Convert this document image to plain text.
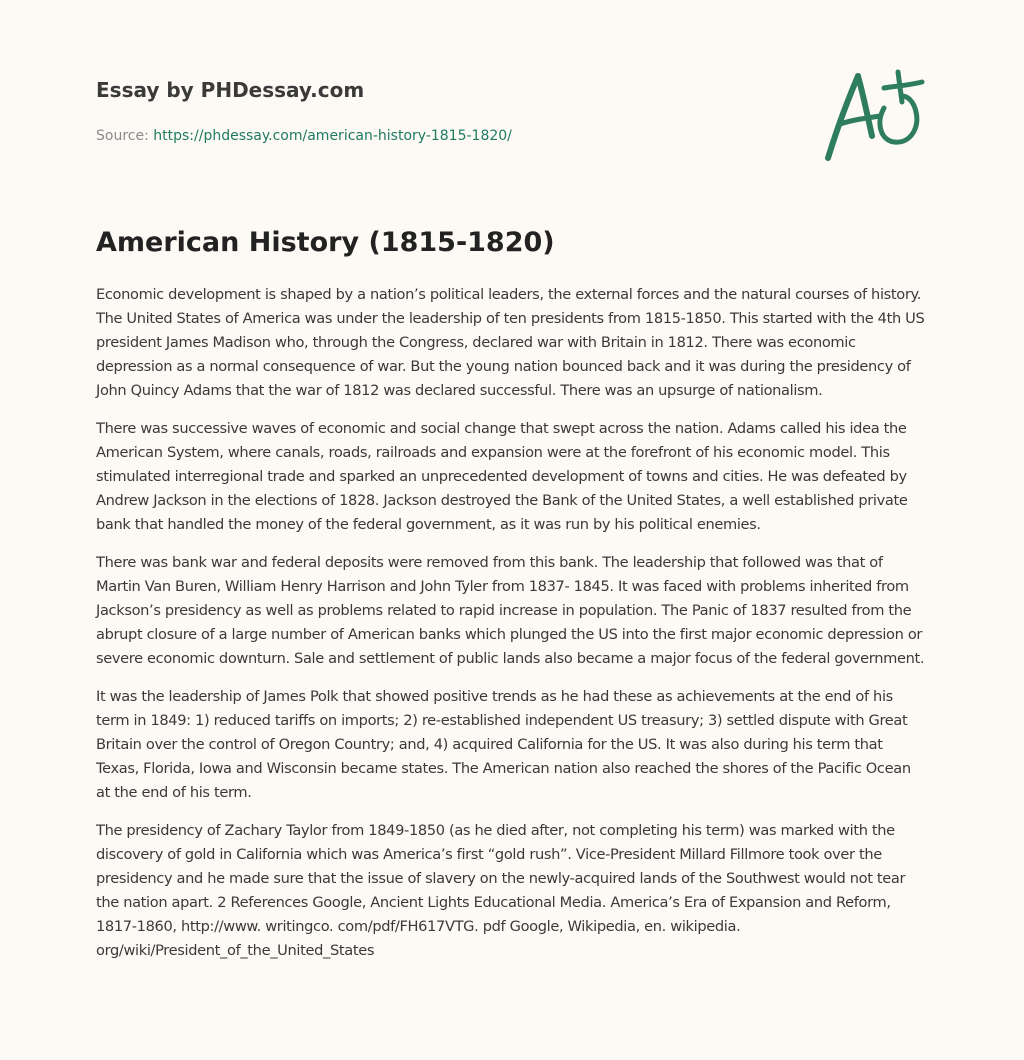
Essay by PHDessay.com
Source: https://phdessay.com/american-history-1815-1820/
American History (1815-1820)

Economic development is shaped by a nation’s political leaders, the external forces and the natural courses of history. The United States of America was under the leadership of ten presidents from 1815-1850. This started with the 4th US president James Madison who, through the Congress, declared war with Britain in 1812. There was economic depression as a normal consequence of war. But the young nation bounced back and it was during the presidency of John Quincy Adams that the war of 1812 was declared successful. There was an upsurge of nationalism.

There was successive waves of economic and social change that swept across the nation. Adams called his idea the American System, where canals, roads, railroads and expansion were at the forefront of his economic model. This stimulated interregional trade and sparked an unprecedented development of towns and cities. He was defeated by Andrew Jackson in the elections of 1828. Jackson destroyed the Bank of the United States, a well established private bank that handled the money of the federal government, as it was run by his political enemies.

There was bank war and federal deposits were removed from this bank. The leadership that followed was that of Martin Van Buren, William Henry Harrison and John Tyler from 1837- 1845. It was faced with problems inherited from Jackson’s presidency as well as problems related to rapid increase in population. The Panic of 1837 resulted from the abrupt closure of a large number of American banks which plunged the US into the first major economic depression or severe economic downturn. Sale and settlement of public lands also became a major focus of the federal government.

It was the leadership of James Polk that showed positive trends as he had these as achievements at the end of his term in 1849: 1) reduced tariffs on imports; 2) re-established independent US treasury; 3) settled dispute with Great Britain over the control of Oregon Country; and, 4) acquired California for the US. It was also during his term that Texas, Florida, Iowa and Wisconsin became states. The American nation also reached the shores of the Pacific Ocean at the end of his term.

The presidency of Zachary Taylor from 1849-1850 (as he died after, not completing his term) was marked with the discovery of gold in California which was America’s first “gold rush”. Vice-President Millard Fillmore took over the presidency and he made sure that the issue of slavery on the newly-acquired lands of the Southwest would not tear the nation apart. 2 References Google, Ancient Lights Educational Media. America’s Era of Expansion and Reform, 1817-1860, http://www. writingco. com/pdf/FH617VTG. pdf Google, Wikipedia, en. wikipedia. org/wiki/President_of_the_United_States
